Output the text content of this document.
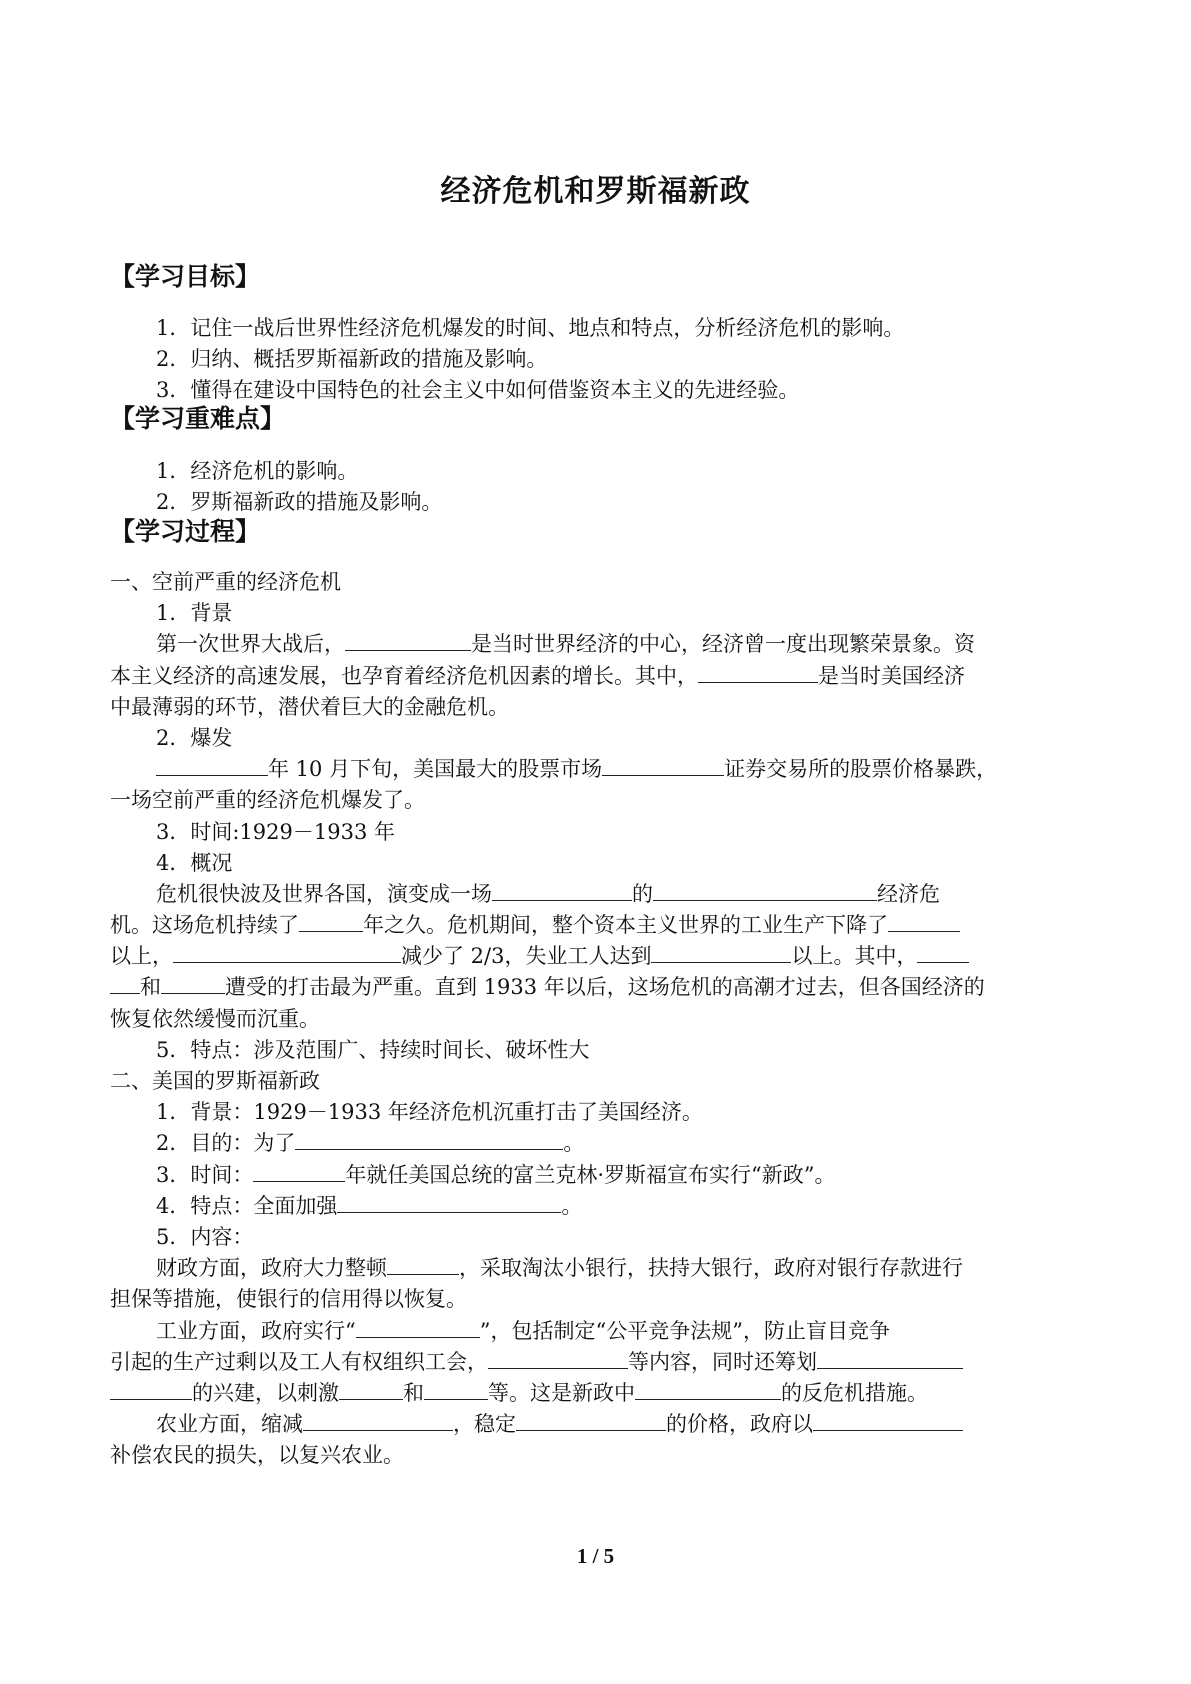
经济危机和罗斯福新政
【学习目标】
1．记住一战后世界性经济危机爆发的时间、地点和特点，分析经济危机的影响。
2．归纳、概括罗斯福新政的措施及影响。
3．懂得在建设中国特色的社会主义中如何借鉴资本主义的先进经验。
【学习重难点】
1．经济危机的影响。
2．罗斯福新政的措施及影响。
【学习过程】
一、空前严重的经济危机
1．背景
第一次世界大战后，	是当时世界经济的中心，经济曾一度出现繁荣景象。资
本主义经济的高速发展，也孕育着经济危机因素的增长。其中，	是当时美国经济
中最薄弱的环节，潜伏着巨大的金融危机。
2．爆发
年 10 月下旬，美国最大的股票市场	证券交易所的股票价格暴跌，
一场空前严重的经济危机爆发了。
3．时间:1929－1933 年
4．概况
危机很快波及世界各国，演变成一场	的	经济危
机。这场危机持续了	年之久。危机期间，整个资本主义世界的工业生产下降了
以上，	减少了 2/3，失业工人达到	以上。其中，
和	遭受的打击最为严重。直到 1933 年以后，这场危机的高潮才过去，但各国经济的
恢复依然缓慢而沉重。
5．特点：涉及范围广、持续时间长、破坏性大
二、美国的罗斯福新政
1．背景：1929－1933 年经济危机沉重打击了美国经济。
2．目的：为了	。
3．时间：	年就任美国总统的富兰克林·罗斯福宣布实行“新政”。
4．特点：全面加强	。
5．内容：
财政方面，政府大力整顿	，采取淘汰小银行，扶持大银行，政府对银行存款进行
担保等措施，使银行的信用得以恢复。
工业方面，政府实行“	”，包括制定“公平竞争法规”，防止盲目竞争
引起的生产过剩以及工人有权组织工会，	等内容，同时还筹划
的兴建，以刺激	和	等。这是新政中	的反危机措施。
农业方面，缩减	，稳定	的价格，政府以
补偿农民的损失，以复兴农业。
1 / 5
